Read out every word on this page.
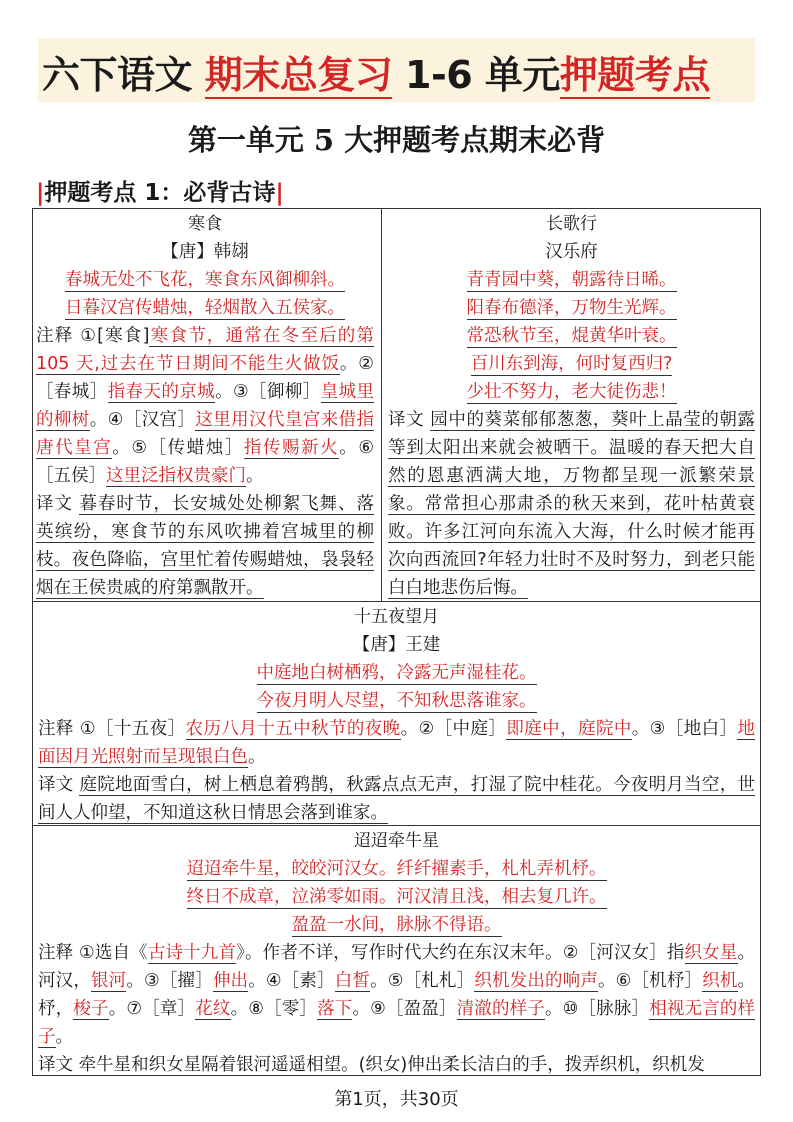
六下语文 期末总复习 1-6 单元押题考点
第一单元 5 大押题考点期末必背
|押题考点 1：必背古诗|
寒食
【唐】韩翃
春城无处不飞花，寒食东风御柳斜。
日暮汉宫传蜡烛，轻烟散入五侯家。
注释 ①[寒食]寒食节，通常在冬至后的第 105 天,过去在节日期间不能生火做饭。②［春城］指春天的京城。③［御柳］皇城里的柳树。④［汉宫］这里用汉代皇宫来借指唐代皇宫。⑤［传蜡烛］指传赐新火。⑥［五侯］这里泛指权贵豪门。
译文 暮春时节，长安城处处柳絮飞舞、落英缤纷，寒食节的东风吹拂着宫城里的柳枝。夜色降临，宫里忙着传赐蜡烛，袅袅轻烟在王侯贵戚的府第飘散开。
长歌行
汉乐府
青青园中葵，朝露待日晞。
阳春布德泽，万物生光辉。
常恐秋节至，焜黄华叶衰。
百川东到海，何时复西归?
少壮不努力，老大徒伤悲！
译文 园中的葵菜郁郁葱葱，葵叶上晶莹的朝露等到太阳出来就会被晒干。温暖的春天把大自然的恩惠洒满大地，万物都呈现一派繁荣景象。常常担心那肃杀的秋天来到，花叶枯黄衰败。许多江河向东流入大海，什么时候才能再次向西流回?年轻力壮时不及时努力，到老只能白白地悲伤后悔。
十五夜望月
【唐】王建
中庭地白树栖鸦，冷露无声湿桂花。
今夜月明人尽望，不知秋思落谁家。
注释 ①［十五夜］农历八月十五中秋节的夜晚。②［中庭］即庭中，庭院中。③［地白］地面因月光照射而呈现银白色。
译文 庭院地面雪白，树上栖息着鸦鹊，秋露点点无声，打湿了院中桂花。今夜明月当空，世间人人仰望，不知道这秋日情思会落到谁家。
迢迢牵牛星
迢迢牵牛星，皎皎河汉女。纤纤擢素手，札札弄机杼。
终日不成章，泣涕零如雨。河汉清且浅，相去复几许。
盈盈一水间，脉脉不得语。
注释 ①选自《古诗十九首》。作者不详，写作时代大约在东汉末年。②［河汉女］指织女星。河汉，银河。③［擢］伸出。④［素］白皙。⑤［札札］织机发出的响声。⑥［机杼］织机。杼，梭子。⑦［章］花纹。⑧［零］落下。⑨［盈盈］清澈的样子。⑩［脉脉］相视无言的样子。
译文 牵牛星和织女星隔着银河遥遥相望。(织女)伸出柔长洁白的手，拨弄织机，织机发
第1页，共30页
